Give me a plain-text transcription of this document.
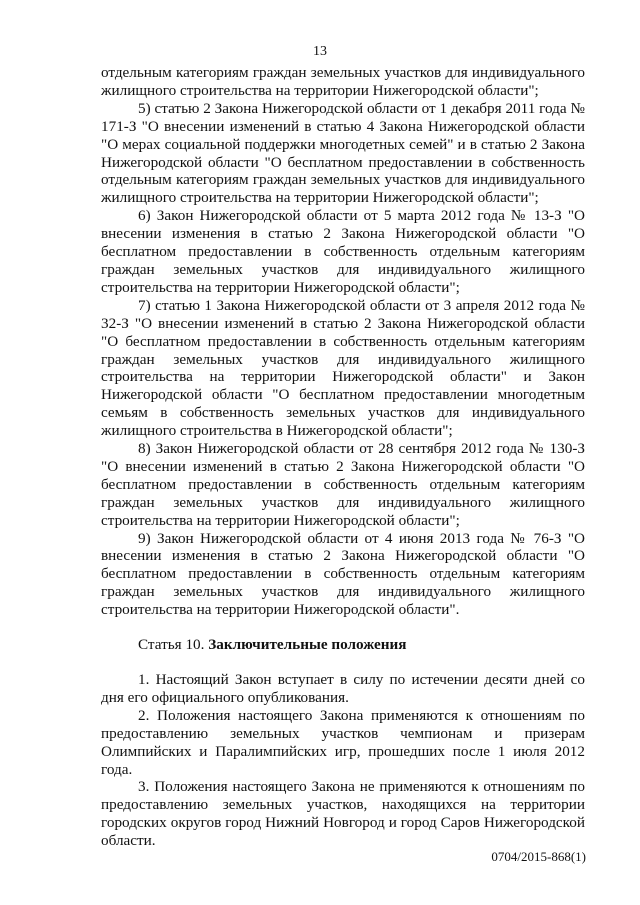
13

отдельным категориям граждан земельных участков для индивидуального жилищного строительства на территории Нижегородской области";

5) статью 2 Закона Нижегородской области от 1 декабря 2011 года № 171-З "О внесении изменений в статью 4 Закона Нижегородской области "О мерах социальной поддержки многодетных семей" и в статью 2 Закона Нижегородской области "О бесплатном предоставлении в собственность отдельным категориям граждан земельных участков для индивидуального жилищного строительства на территории Нижегородской области";

6) Закон Нижегородской области от 5 марта 2012 года № 13-З "О внесении изменения в статью 2 Закона Нижегородской области "О бесплатном предоставлении в собственность отдельным категориям граждан земельных участков для индивидуального жилищного строительства на территории Нижегородской области";

7) статью 1 Закона Нижегородской области от 3 апреля 2012 года № 32-З "О внесении изменений в статью 2 Закона Нижегородской области "О бесплатном предоставлении в собственность отдельным категориям граждан земельных участков для индивидуального жилищного строительства на территории Нижегородской области" и Закон Нижегородской области "О бесплатном предоставлении многодетным семьям в собственность земельных участков для индивидуального жилищного строительства в Нижегородской области";

8) Закон Нижегородской области от 28 сентября 2012 года № 130-З "О внесении изменений в статью 2 Закона Нижегородской области "О бесплатном предоставлении в собственность отдельным категориям граждан земельных участков для индивидуального жилищного строительства на территории Нижегородской области";

9) Закон Нижегородской области от 4 июня 2013 года № 76-З "О внесении изменения в статью 2 Закона Нижегородской области "О бесплатном предоставлении в собственность отдельным категориям граждан земельных участков для индивидуального жилищного строительства на территории Нижегородской области".

Статья 10. Заключительные положения

1. Настоящий Закон вступает в силу по истечении десяти дней со дня его официального опубликования.

2. Положения настоящего Закона применяются к отношениям по предоставлению земельных участков чемпионам и призерам Олимпийских и Паралимпийских игр, прошедших после 1 июля 2012 года.

3. Положения настоящего Закона не применяются к отношениям по предоставлению земельных участков, находящихся на территории городских округов город Нижний Новгород и город Саров Нижегородской области.

0704/2015-868(1)
